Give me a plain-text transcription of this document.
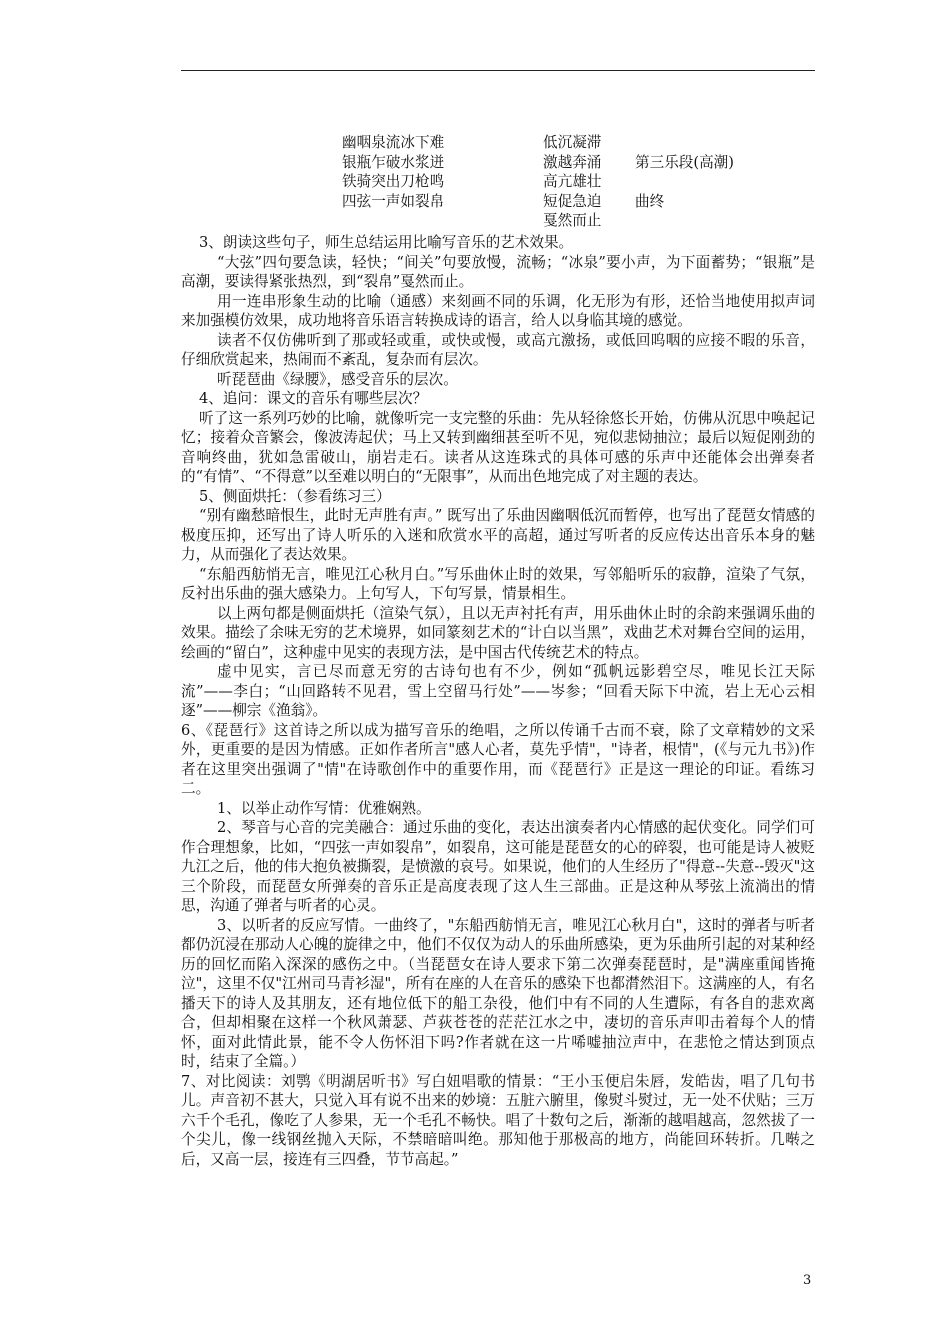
幽咽泉流冰下难	低沉凝滞
银瓶乍破水浆迸	激越奔涌 第三乐段(高潮)
铁骑突出刀枪鸣	高亢雄壮
四弦一声如裂帛	短促急迫 曲终
戛然而止

3、朗读这些句子，师生总结运用比喻写音乐的艺术效果。

“大弦”四句要急读，轻快；“间关”句要放慢，流畅；“冰泉”要小声，为下面蓄势；“银瓶”是高潮，要读得紧张热烈，到“裂帛”戛然而止。

用一连串形象生动的比喻（通感）来刻画不同的乐调，化无形为有形，还恰当地使用拟声词来加强模仿效果，成功地将音乐语言转换成诗的语言，给人以身临其境的感觉。

读者不仅仿佛听到了那或轻或重，或快或慢，或高亢激扬，或低回呜咽的应接不暇的乐音，仔细欣赏起来，热闹而不紊乱，复杂而有层次。

听琵琶曲《绿腰》，感受音乐的层次。

4、追问：课文的音乐有哪些层次？

听了这一系列巧妙的比喻，就像听完一支完整的乐曲：先从轻徐悠长开始，仿佛从沉思中唤起记忆；接着众音繁会，像波涛起伏；马上又转到幽细甚至听不见，宛似悲恸抽泣；最后以短促刚劲的音响终曲，犹如急雷破山，崩岩走石。读者从这连珠式的具体可感的乐声中还能体会出弹奏者的“有情”、“不得意”以至难以明白的“无限事”，从而出色地完成了对主题的表达。

5、侧面烘托：（参看练习三）

“别有幽愁暗恨生，此时无声胜有声。” 既写出了乐曲因幽咽低沉而暂停，也写出了琵琶女情感的极度压抑，还写出了诗人听乐的入迷和欣赏水平的高超，通过写听者的反应传达出音乐本身的魅力，从而强化了表达效果。

“东船西舫悄无言，唯见江心秋月白。”写乐曲休止时的效果，写邻船听乐的寂静，渲染了气氛，反衬出乐曲的强大感染力。上句写人，下句写景，情景相生。

以上两句都是侧面烘托（渲染气氛），且以无声衬托有声，用乐曲休止时的余韵来强调乐曲的效果。描绘了余味无穷的艺术境界，如同篆刻艺术的“计白以当黑”，戏曲艺术对舞台空间的运用，绘画的“留白”，这种虚中见实的表现方法，是中国古代传统艺术的特点。

虚中见实，言已尽而意无穷的古诗句也有不少，例如“孤帆远影碧空尽，唯见长江天际流”——李白；“山回路转不见君，雪上空留马行处”——岑参；“回看天际下中流，岩上无心云相逐”——柳宗《渔翁》。

6、《琵琶行》这首诗之所以成为描写音乐的绝唱，之所以传诵千古而不衰，除了文章精妙的文采外，更重要的是因为情感。正如作者所言"感人心者，莫先乎情"，"诗者，根情"，(《与元九书》)作者在这里突出强调了"情"在诗歌创作中的重要作用，而《琵琶行》正是这一理论的印证。看练习二。

1、以举止动作写情：优雅娴熟。

2、琴音与心音的完美融合：通过乐曲的变化，表达出演奏者内心情感的起伏变化。同学们可作合理想象，比如，“四弦一声如裂帛”，如裂帛，这可能是琵琶女的心的碎裂，也可能是诗人被贬九江之后，他的伟大抱负被撕裂，是愤激的哀号。如果说，他们的人生经历了"得意--失意--毁灭"这三个阶段，而琵琶女所弹奏的音乐正是高度表现了这人生三部曲。正是这种从琴弦上流淌出的情思，沟通了弹者与听者的心灵。

3、以听者的反应写情。一曲终了，"东船西舫悄无言，唯见江心秋月白"，这时的弹者与听者都仍沉浸在那动人心魄的旋律之中，他们不仅仅为动人的乐曲所感染，更为乐曲所引起的对某种经历的回忆而陷入深深的感伤之中。（当琵琶女在诗人要求下第二次弹奏琵琶时，是"满座重闻皆掩泣"，这里不仅"江州司马青衫湿"，所有在座的人在音乐的感染下也都潸然泪下。这满座的人，有名播天下的诗人及其朋友，还有地位低下的船工杂役，他们中有不同的人生遭际，有各自的悲欢离合，但却相聚在这样一个秋风萧瑟、芦荻苍苍的茫茫江水之中，凄切的音乐声叩击着每个人的情怀，面对此情此景，能不令人伤怀泪下吗?作者就在这一片唏嘘抽泣声中，在悲怆之情达到顶点时，结束了全篇。）

7、对比阅读：刘鹗《明湖居听书》写白妞唱歌的情景：“王小玉便启朱唇，发皓齿，唱了几句书儿。声音初不甚大，只觉入耳有说不出来的妙境：五脏六腑里，像熨斗熨过，无一处不伏贴；三万六千个毛孔，像吃了人参果，无一个毛孔不畅快。唱了十数句之后，渐渐的越唱越高，忽然拔了一个尖儿，像一线钢丝抛入天际，不禁暗暗叫绝。那知他于那极高的地方，尚能回环转折。几啭之后，又高一层，接连有三四叠，节节高起。”

3
